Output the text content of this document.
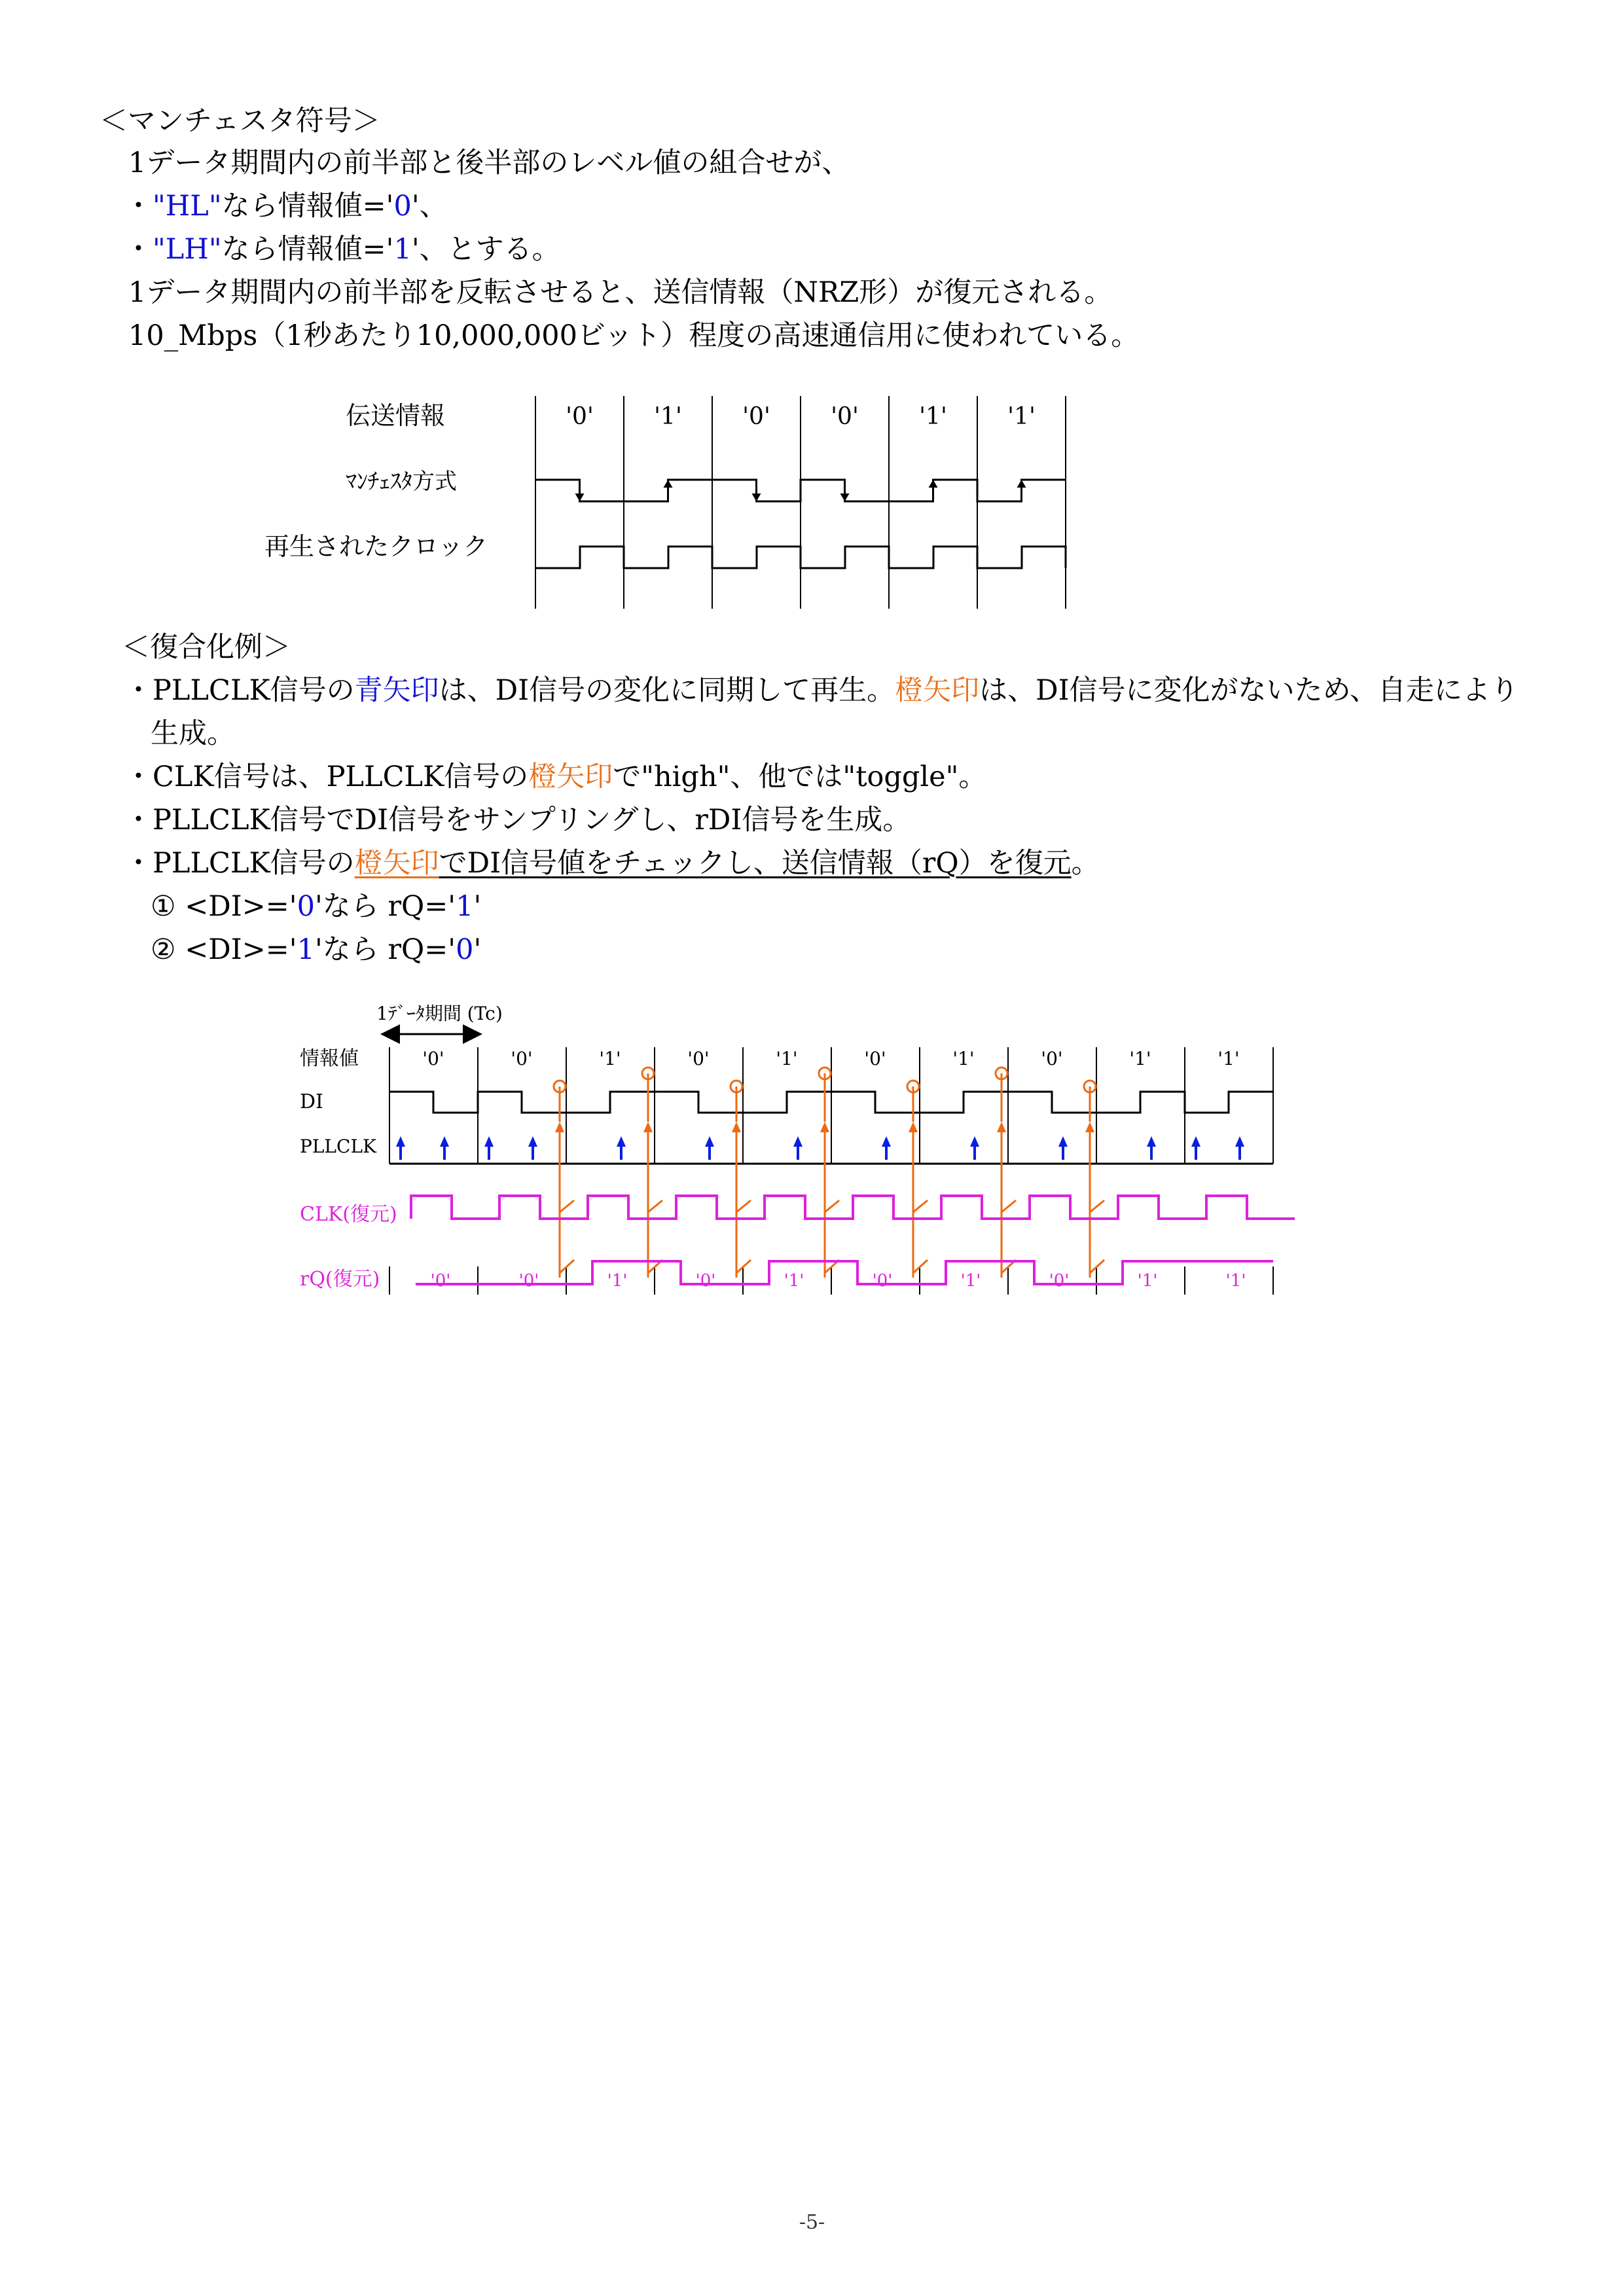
＜マンチェスタ符号＞
1データ期間内の前半部と後半部のレベル値の組合せが、
・"HL"なら情報値='0'、
・"LH"なら情報値='1'、とする。
1データ期間内の前半部を反転させると、送信情報（NRZ形）が復元される。
10_Mbps（1秒あたり10,000,000ビット）程度の高速通信用に使われている。
伝送情報
ﾏﾝﾁｪｽﾀ方式
再生されたクロック
'0'	'1'	'0'	'0'	'1'	'1'
＜復合化例＞
・PLLCLK信号の青矢印は、DI信号の変化に同期して再生。橙矢印は、DI信号に変化がないため、自走により
生成。
・CLK信号は、PLLCLK信号の橙矢印で"high"、他では"toggle"。
・PLLCLK信号でDI信号をサンプリングし、rDI信号を生成。
・PLLCLK信号の橙矢印でDI信号値をチェックし、送信情報（rQ）を復元。
① <DI>='0'なら rQ='1'
② <DI>='1'なら rQ='0'
1ﾃﾞｰﾀ期間 (Tc)
情報値
DI
PLLCLK
CLK(復元)
rQ(復元)
'0'	'0'	'1'	'0'	'1'	'0'	'1'	'0'	'1'	'1'
'0'	'0'	'1'	'0'	'1'	'0'	'1'	'0'	'1'	'1'
-5-
